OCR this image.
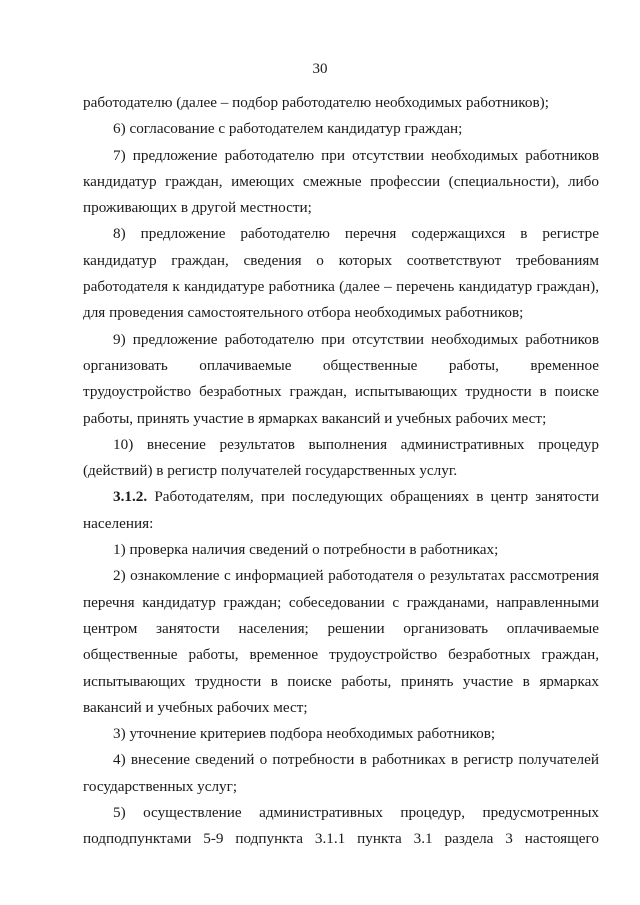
30

работодателю (далее – подбор работодателю необходимых работников);

6) согласование с работодателем кандидатур граждан;

7) предложение работодателю при отсутствии необходимых работников кандидатур граждан, имеющих смежные профессии (специальности), либо проживающих в другой местности;

8) предложение работодателю перечня содержащихся в регистре кандидатур граждан, сведения о которых соответствуют требованиям работодателя к кандидатуре работника (далее – перечень кандидатур граждан), для проведения самостоятельного отбора необходимых работников;

9) предложение работодателю при отсутствии необходимых работников организовать оплачиваемые общественные работы, временное трудоустройство безработных граждан, испытывающих трудности в поиске работы, принять участие в ярмарках вакансий и учебных рабочих мест;

10) внесение результатов выполнения административных процедур (действий) в регистр получателей государственных услуг.

3.1.2. Работодателям, при последующих обращениях в центр занятости населения:

1) проверка наличия сведений о потребности в работниках;

2) ознакомление с информацией работодателя о результатах рассмотрения перечня кандидатур граждан; собеседовании с гражданами, направленными центром занятости населения; решении организовать оплачиваемые общественные работы, временное трудоустройство безработных граждан, испытывающих трудности в поиске работы, принять участие в ярмарках вакансий и учебных рабочих мест;

3) уточнение критериев подбора необходимых работников;

4) внесение сведений о потребности в работниках в регистр получателей государственных услуг;

5) осуществление административных процедур, предусмотренных подподпунктами 5-9 подпункта 3.1.1 пункта 3.1 раздела 3 настоящего
